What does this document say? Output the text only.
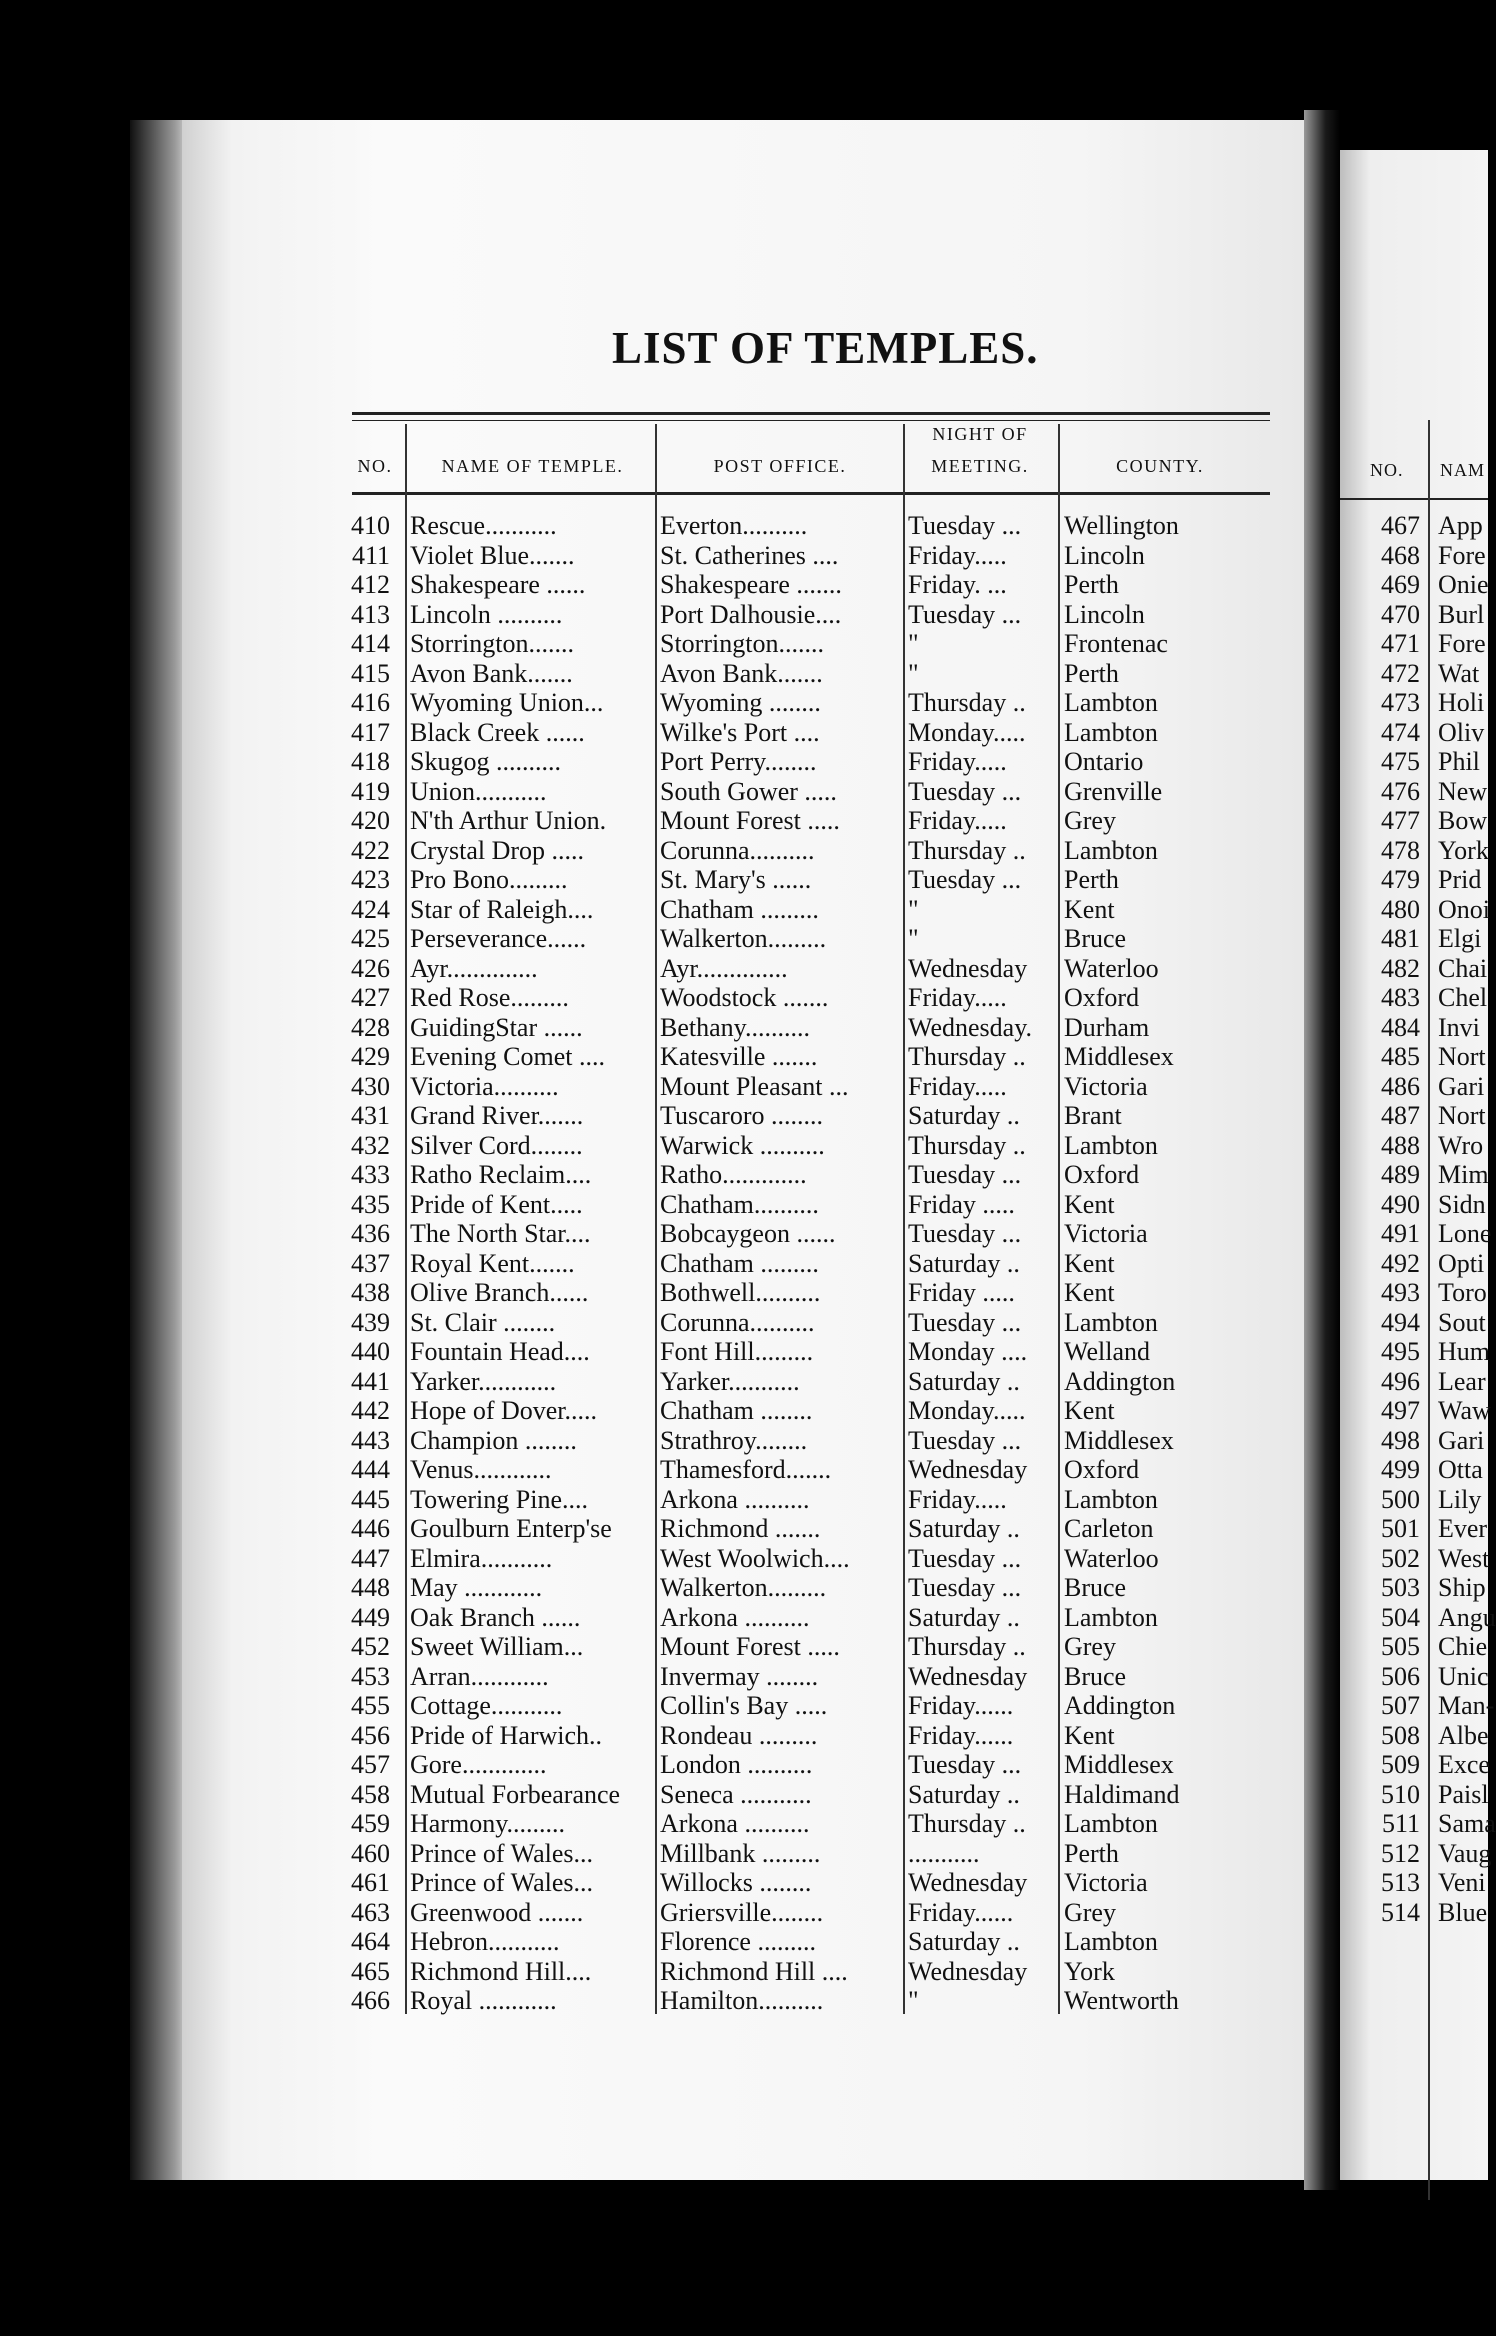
NO. NAM
467 App
468 Fore
469 Onie
470 Burl
471 Fore
472 Wat
473 Holi
474 Oliv
475 Phil
476 New
477 Bow
478 York
479 Prid
480 Onoi
481 Elgi
482 Chai
483 Chel
484 Invi
485 Nort
486 Gari
487 Nort
488 Wro
489 Mim
490 Sidn
491 Lone
492 Opti
493 Toro
494 Sout
495 Hum
496 Lear
497 Waw
498 Gari
499 Otta
500 Lily
501 Ever
502 West
503 Ship
504 Angu
505 Chie
506 Unic
507 Man-
508 Albe
509 Exce
510 Paisl
511 Sama
512 Vaug
513 Veni
514 Blue
LIST OF TEMPLES.
NO.	NAME OF TEMPLE.	POST OFFICE.
NIGHT OF
MEETING.	COUNTY.
410 Rescue...........	Everton..........	Tuesday ...	Wellington
411 Violet Blue.......	St. Catherines ....	Friday.....	Lincoln
412 Shakespeare ......	Shakespeare .......	Friday. ...	Perth
413 Lincoln ..........	Port Dalhousie....	Tuesday ...	Lincoln
414 Storrington.......	Storrington.......	"	Frontenac
415 Avon Bank.......	Avon Bank.......	"	Perth
416 Wyoming Union...	Wyoming ........	Thursday ..	Lambton
417 Black Creek ......	Wilke's Port ....	Monday.....	Lambton
418 Skugog ..........	Port Perry........	Friday.....	Ontario
419 Union...........	South Gower .....	Tuesday ...	Grenville
420 N'th Arthur Union.	Mount Forest .....	Friday.....	Grey
422 Crystal Drop .....	Corunna..........	Thursday ..	Lambton
423 Pro Bono.........	St. Mary's ......	Tuesday ...	Perth
424 Star of Raleigh....	Chatham .........	"	Kent
425 Perseverance......	Walkerton.........	"	Bruce
426 Ayr..............	Ayr..............	Wednesday	Waterloo
427 Red Rose.........	Woodstock .......	Friday.....	Oxford
428 GuidingStar ......	Bethany..........	Wednesday.	Durham
429 Evening Comet ....	Katesville .......	Thursday ..	Middlesex
430 Victoria..........	Mount Pleasant ...	Friday.....	Victoria
431 Grand River.......	Tuscaroro ........	Saturday ..	Brant
432 Silver Cord........	Warwick ..........	Thursday ..	Lambton
433 Ratho Reclaim....	Ratho.............	Tuesday ...	Oxford
435 Pride of Kent.....	Chatham..........	Friday .....	Kent
436 The North Star....	Bobcaygeon ......	Tuesday ...	Victoria
437 Royal Kent.......	Chatham .........	Saturday ..	Kent
438 Olive Branch......	Bothwell..........	Friday .....	Kent
439 St. Clair ........	Corunna..........	Tuesday ...	Lambton
440 Fountain Head....	Font Hill.........	Monday ....	Welland
441 Yarker............	Yarker...........	Saturday ..	Addington
442 Hope of Dover.....	Chatham ........	Monday.....	Kent
443 Champion ........	Strathroy........	Tuesday ...	Middlesex
444 Venus............	Thamesford.......	Wednesday	Oxford
445 Towering Pine....	Arkona ..........	Friday.....	Lambton
446 Goulburn Enterp'se	Richmond .......	Saturday ..	Carleton
447 Elmira...........	West Woolwich....	Tuesday ...	Waterloo
448 May ............	Walkerton.........	Tuesday ...	Bruce
449 Oak Branch ......	Arkona ..........	Saturday ..	Lambton
452 Sweet William...	Mount Forest .....	Thursday ..	Grey
453 Arran............	Invermay ........	Wednesday	Bruce
455 Cottage...........	Collin's Bay .....	Friday......	Addington
456 Pride of Harwich..	Rondeau .........	Friday......	Kent
457 Gore.............	London ..........	Tuesday ...	Middlesex
458 Mutual Forbearance	Seneca ...........	Saturday ..	Haldimand
459 Harmony.........	Arkona ..........	Thursday ..	Lambton
460 Prince of Wales...	Millbank .........	...........	Perth
461 Prince of Wales...	Willocks ........	Wednesday	Victoria
463 Greenwood .......	Griersville........	Friday......	Grey
464 Hebron...........	Florence .........	Saturday ..	Lambton
465 Richmond Hill....	Richmond Hill ....	Wednesday	York
466 Royal ............	Hamilton..........	"	Wentworth
